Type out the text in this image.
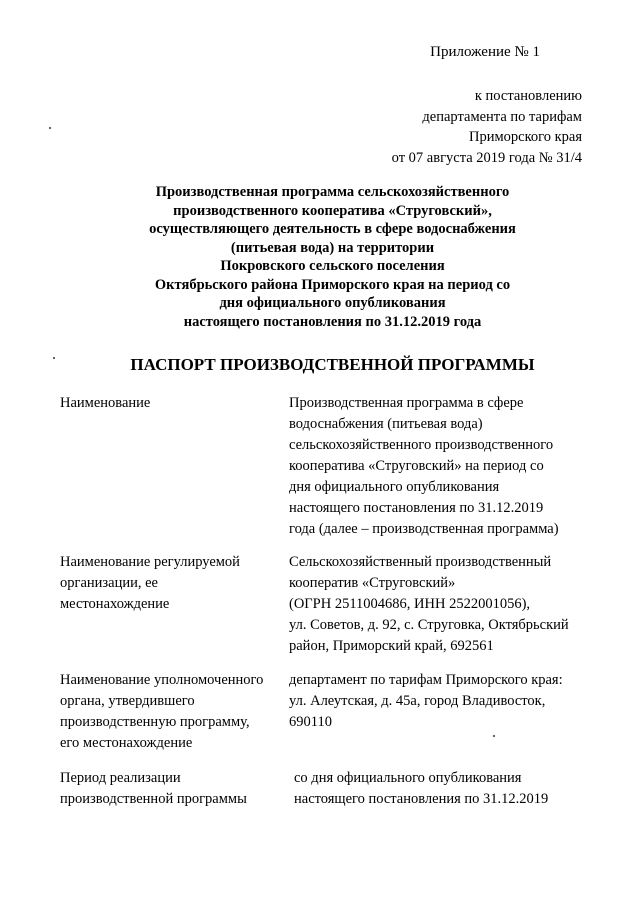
Приложение № 1
к постановлению
департамента по тарифам
Приморского края
от 07 августа 2019 года № 31/4
Производственная программа сельскохозяйственного
производственного кооператива «Струговский»,
осуществляющего деятельность в сфере водоснабжения
(питьевая вода) на территории
Покровского сельского поселения
Октябрьского района Приморского края на период со
дня официального опубликования
настоящего постановления по 31.12.2019 года
ПАСПОРТ ПРОИЗВОДСТВЕННОЙ ПРОГРАММЫ
Наименование	Производственная программа в сфере
водоснабжения (питьевая вода)
сельскохозяйственного производственного
кооператива «Струговский» на период со
дня официального опубликования
настоящего постановления по 31.12.2019
года (далее – производственная программа)
Наименование регулируемой
организации, ее
местонахождение
Сельскохозяйственный производственный
кооператив «Струговский»
(ОГРН 2511004686, ИНН 2522001056),
ул. Советов, д. 92, с. Струговка, Октябрьский
район, Приморский край, 692561
Наименование уполномоченного
органа, утвердившего
производственную программу,
его местонахождение
департамент по тарифам Приморского края:
ул. Алеутская, д. 45а, город Владивосток,
690110
Период реализации
производственной программы
со дня официального опубликования
настоящего постановления по 31.12.2019
